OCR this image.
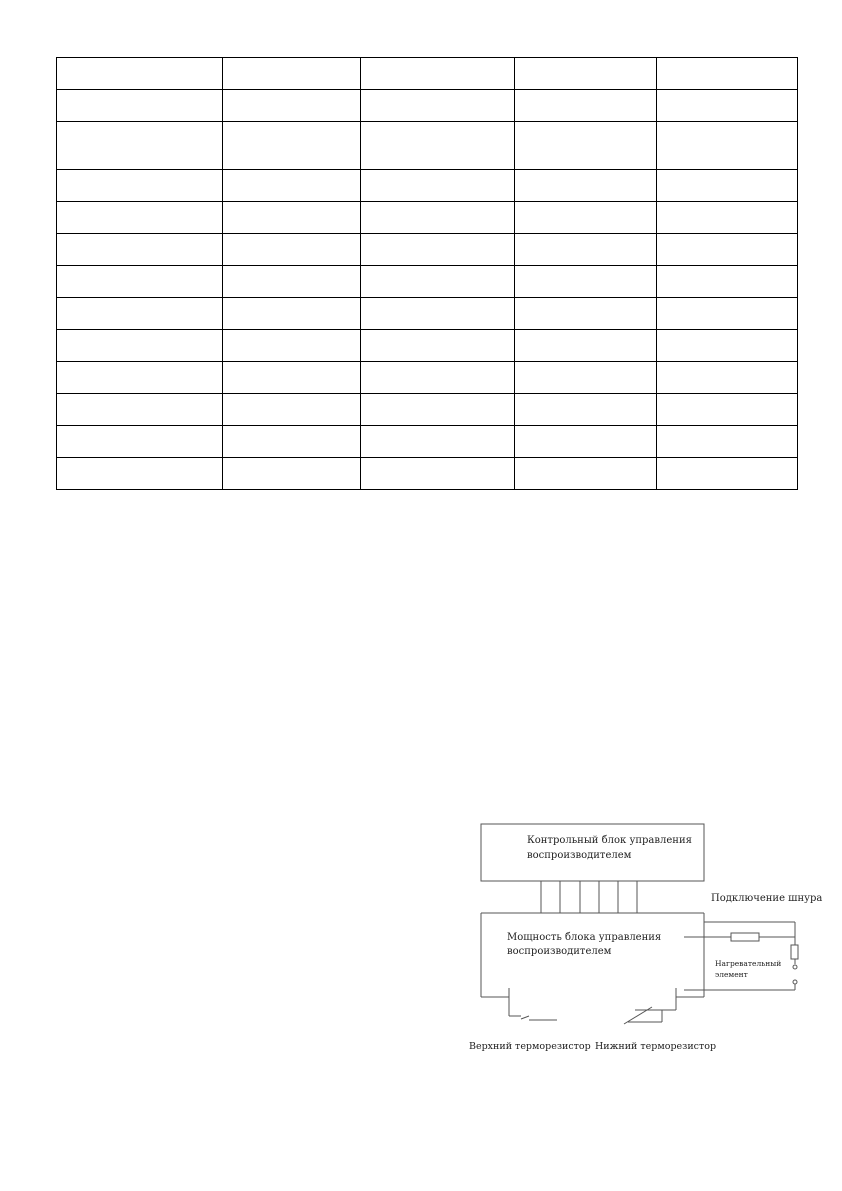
Контрольный блок управления
воспроизводителем
Подключение шнура
Мощность блока управления
воспроизводителем
Нагревательный
элемент
Верхний терморезистор Нижний терморезистор
